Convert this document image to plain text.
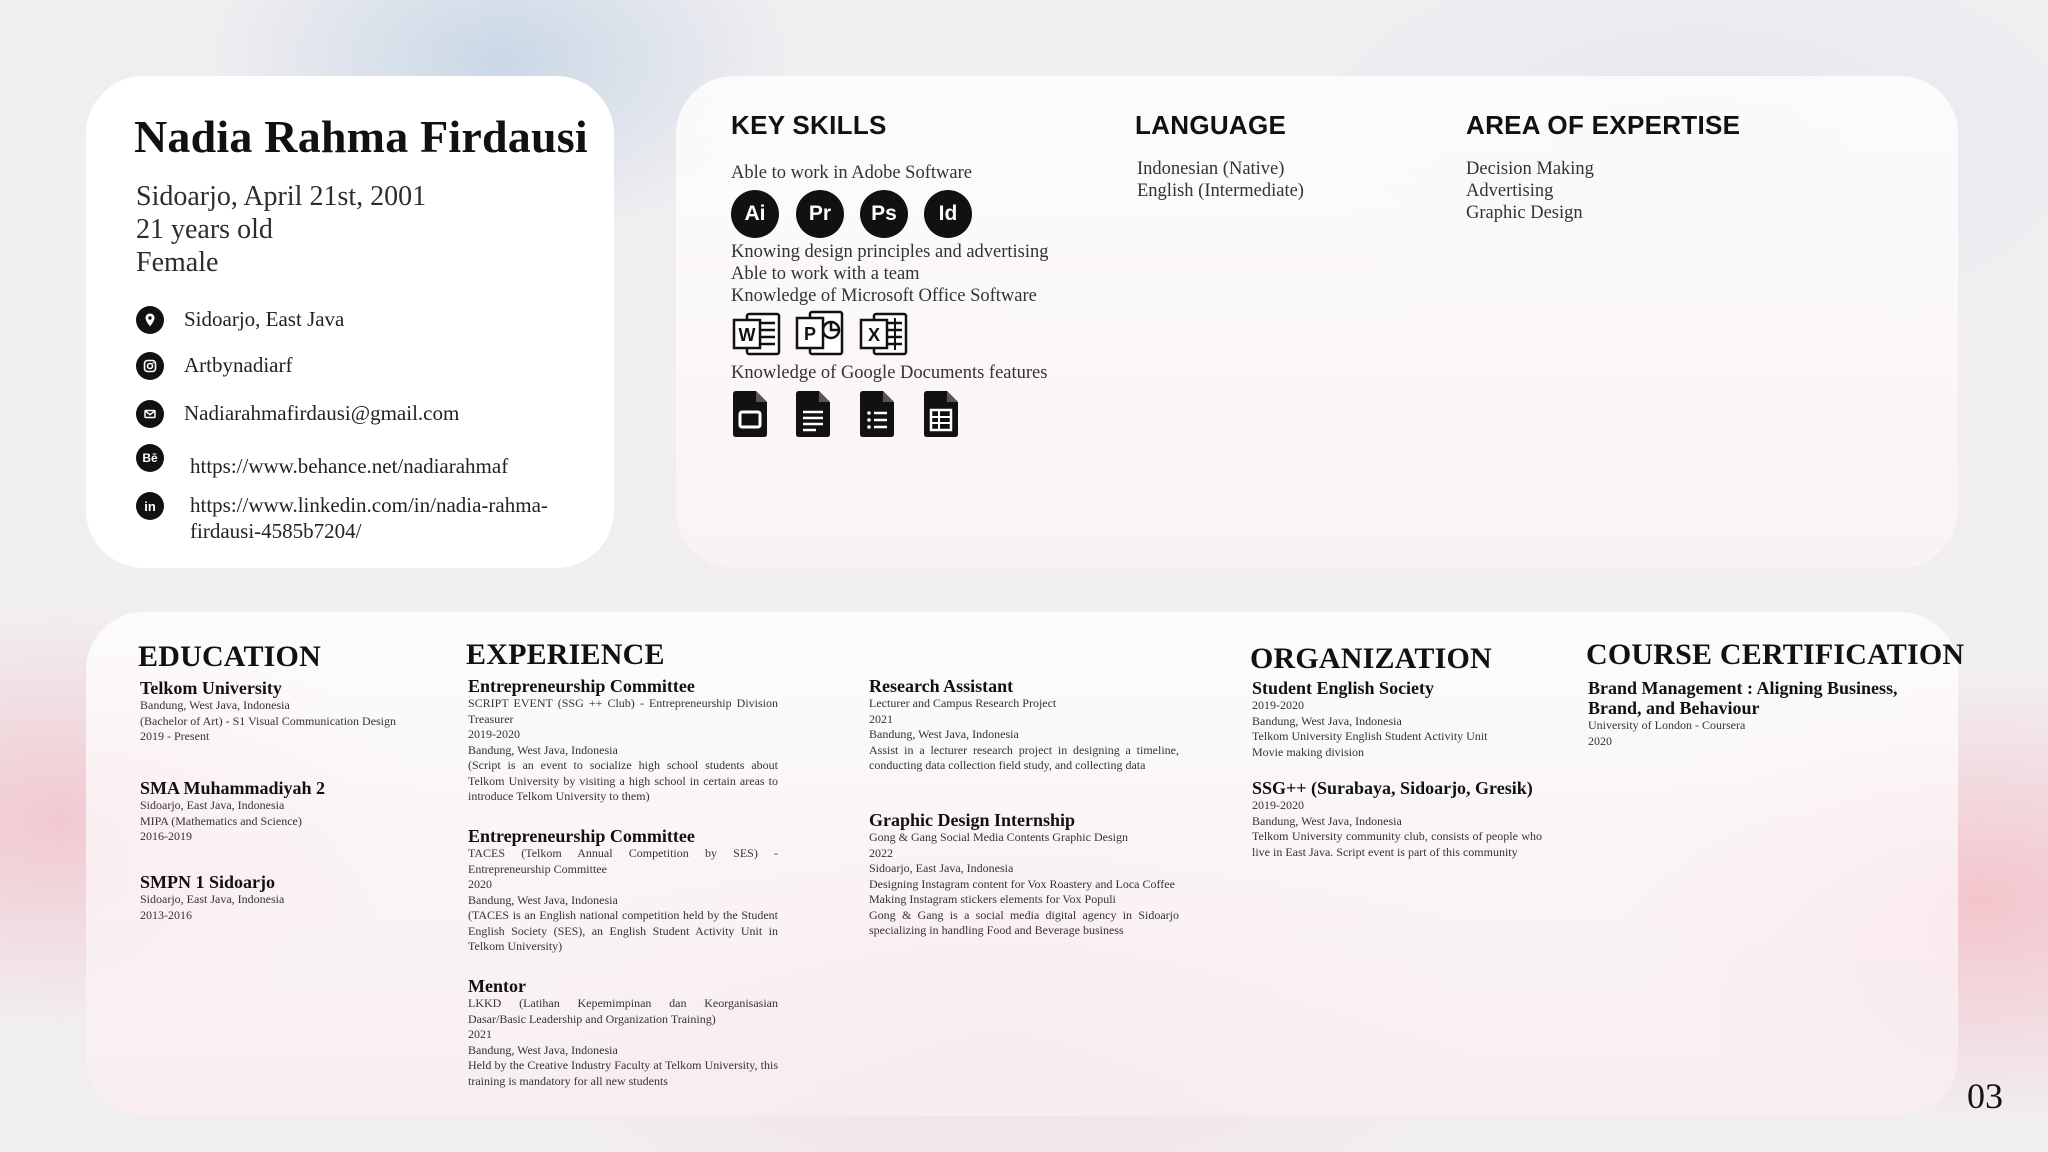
Nadia Rahma Firdausi
Sidoarjo, April 21st, 2001
21 years old
Female
Sidoarjo, East Java
Artbynadiarf
Nadiarahmafirdausi@gmail.com
Bē https://www.behance.net/nadiarahmaf
in https://www.linkedin.com/in/nadia-rahma-
firdausi-4585b7204/
KEY SKILLS
Able to work in Adobe Software
Ai	Pr	Ps	Id
Knowing design principles and advertising
Able to work with a team
Knowledge of Microsoft Office Software
W	P	X
Knowledge of Google Documents features
LANGUAGE
Indonesian (Native)
English (Intermediate)
AREA OF EXPERTISE
Decision Making
Advertising
Graphic Design
EDUCATION
Telkom University
Bandung, West Java, Indonesia
(Bachelor of Art) - S1 Visual Communication Design
2019 - Present
SMA Muhammadiyah 2
Sidoarjo, East Java, Indonesia
MIPA (Mathematics and Science)
2016-2019
SMPN 1 Sidoarjo
Sidoarjo, East Java, Indonesia
2013-2016
EXPERIENCE
Entrepreneurship Committee
SCRIPT EVENT (SSG ++ Club) - Entrepreneurship Division Treasurer
2019-2020
Bandung, West Java, Indonesia
(Script is an event to socialize high school students about Telkom University by visiting a high school in certain areas to introduce Telkom University to them)
Entrepreneurship Committee
TACES (Telkom Annual Competition by SES) - Entrepreneurship Committee
2020
Bandung, West Java, Indonesia
(TACES is an English national competition held by the Student English Society (SES), an English Student Activity Unit in Telkom University)
Mentor
LKKD (Latihan Kepemimpinan dan Keorganisasian Dasar/Basic Leadership and Organization Training)
2021
Bandung, West Java, Indonesia
Held by the Creative Industry Faculty at Telkom University, this training is mandatory for all new students
Research Assistant
Lecturer and Campus Research Project
2021
Bandung, West Java, Indonesia
Assist in a lecturer research project in designing a timeline, conducting data collection field study, and collecting data
Graphic Design Internship
Gong & Gang Social Media Contents Graphic Design
2022
Sidoarjo, East Java, Indonesia
Designing Instagram content for Vox Roastery and Loca Coffee
Making Instagram stickers elements for Vox Populi
Gong & Gang is a social media digital agency in Sidoarjo specializing in handling Food and Beverage business
ORGANIZATION
Student English Society
2019-2020
Bandung, West Java, Indonesia
Telkom University English Student Activity Unit
Movie making division
SSG++ (Surabaya, Sidoarjo, Gresik)
2019-2020
Bandung, West Java, Indonesia
Telkom University community club, consists of people who live in East Java. Script event is part of this community
COURSE CERTIFICATION
Brand Management : Aligning Business, Brand, and Behaviour
University of London - Coursera
2020
03
